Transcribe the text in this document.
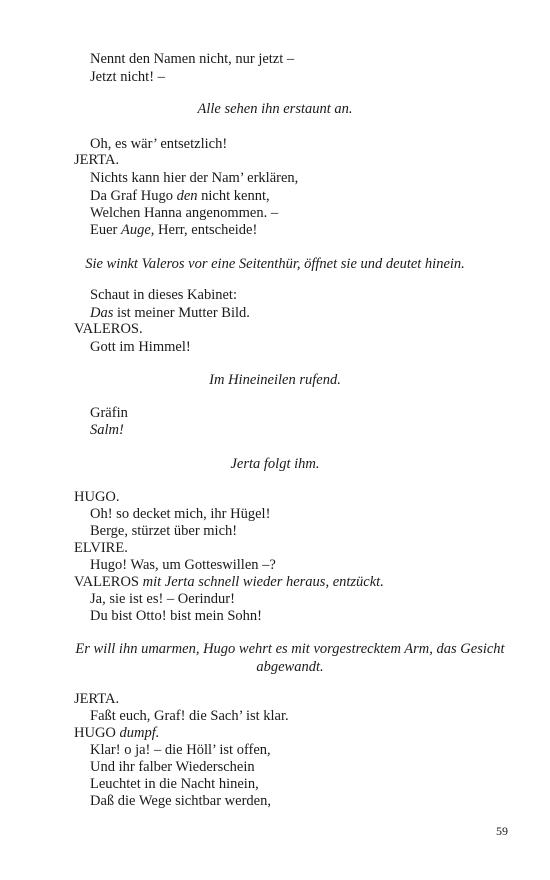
Nennt den Namen nicht, nur jetzt –
Jetzt nicht! –
Alle sehen ihn erstaunt an.
Oh, es wär’ entsetzlich!
JERTA.
Nichts kann hier der Nam’ erklären,
Da Graf Hugo den nicht kennt,
Welchen Hanna angenommen. –
Euer Auge, Herr, entscheide!
Sie winkt Valeros vor eine Seitenthür, öffnet sie und deutet hinein.
Schaut in dieses Kabinet:
Das ist meiner Mutter Bild.
VALEROS.
Gott im Himmel!
Im Hineineilen rufend.
Gräfin
Salm!
Jerta folgt ihm.
HUGO.
Oh! so decket mich, ihr Hügel!
Berge, stürzet über mich!
ELVIRE.
Hugo! Was, um Gotteswillen –?
VALEROS mit Jerta schnell wieder heraus, entzückt.
Ja, sie ist es! – Oerindur!
Du bist Otto! bist mein Sohn!
Er will ihn umarmen, Hugo wehrt es mit vorgestrecktem Arm, das Gesicht abgewandt.
JERTA.
Faßt euch, Graf! die Sach’ ist klar.
HUGO dumpf.
Klar! o ja! – die Höll’ ist offen,
Und ihr falber Wiederschein
Leuchtet in die Nacht hinein,
Daß die Wege sichtbar werden,
59
